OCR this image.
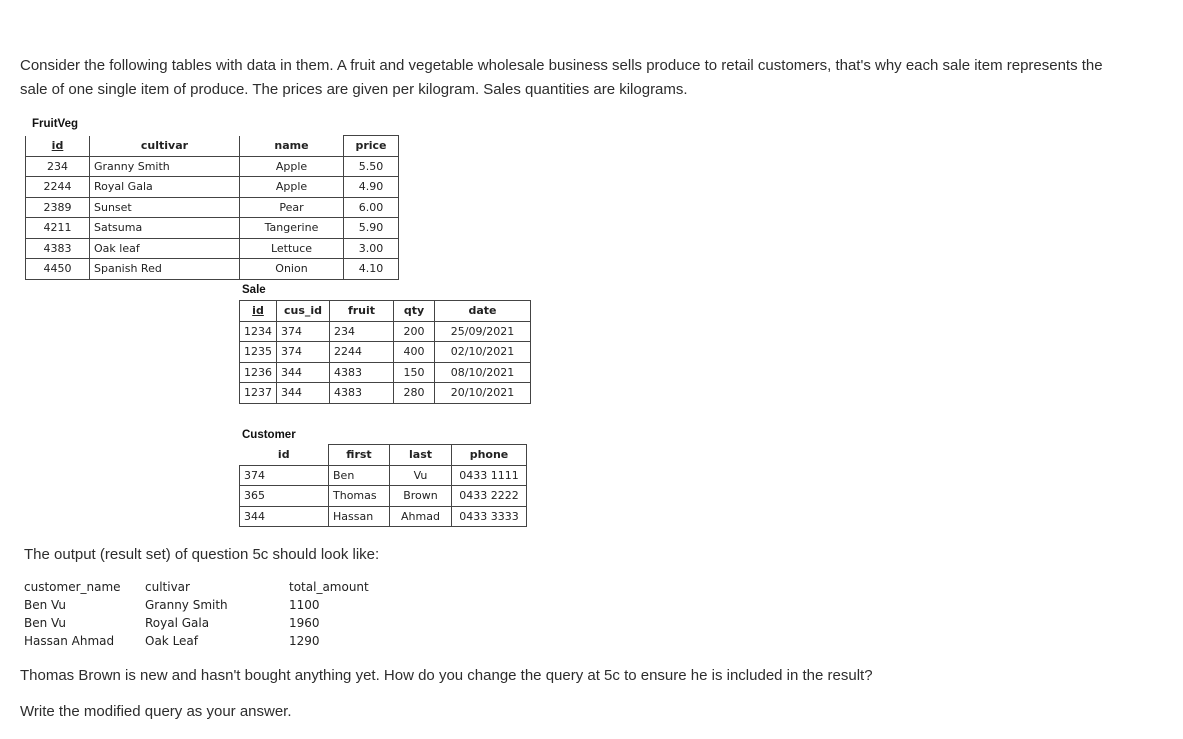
Consider the following tables with data in them. A fruit and vegetable wholesale business sells produce to retail customers, that's why each sale item represents the

sale of one single item of produce. The prices are given per kilogram. Sales quantities are kilograms.

FruitVeg
id	cultivar	name	price
234	Granny Smith	Apple	5.50
2244	Royal Gala	Apple	4.90
2389	Sunset	Pear	6.00
4211	Satsuma	Tangerine	5.90
4383	Oak leaf	Lettuce	3.00
4450	Spanish Red	Onion	4.10
Sale
id	cus_id	fruit	qty	date
1234	374	234	200	25/09/2021
1235	374	2244	400	02/10/2021
1236	344	4383	150	08/10/2021
1237	344	4383	280	20/10/2021
Customer
id	first	last	phone
374	Ben	Vu	0433 1111
365	Thomas	Brown	0433 2222
344	Hassan	Ahmad	0433 3333

The output (result set) of question 5c should look like:

customer_name cultivar	total_amount
Ben Vu	Granny Smith	1100
Ben Vu	Royal Gala	1960
Hassan Ahmad	Oak Leaf	1290

Thomas Brown is new and hasn't bought anything yet. How do you change the query at 5c to ensure he is included in the result?

Write the modified query as your answer.
